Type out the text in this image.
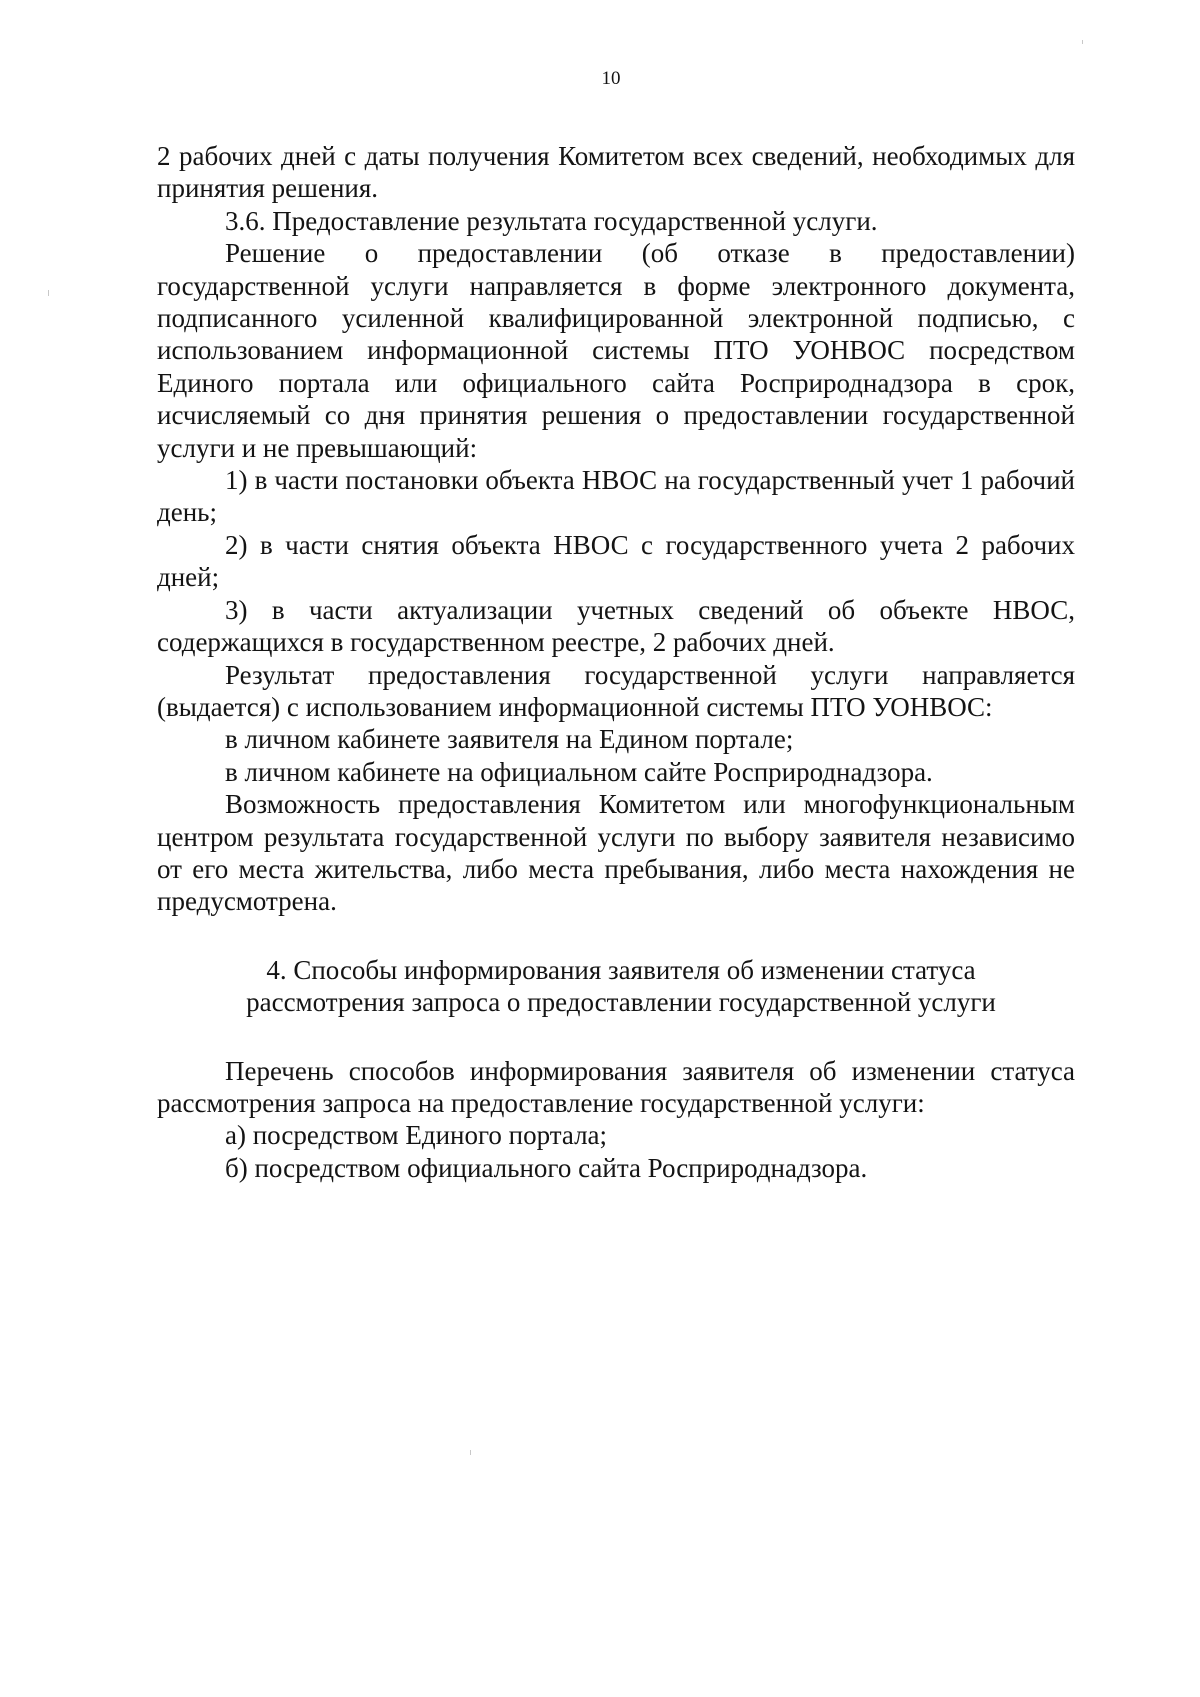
10

2 рабочих дней с даты получения Комитетом всех сведений, необходимых для принятия решения.

3.6. Предоставление результата государственной услуги.

Решение о предоставлении (об отказе в предоставлении) государственной услуги направляется в форме электронного документа, подписанного усиленной квалифицированной электронной подписью, с использованием информационной системы ПТО УОНВОС посредством Единого портала или официального сайта Росприроднадзора в срок, исчисляемый со дня принятия решения о предоставлении государственной услуги и не превышающий:

1) в части постановки объекта НВОС на государственный учет 1 рабочий день;

2) в части снятия объекта НВОС с государственного учета 2 рабочих дней;

3) в части актуализации учетных сведений об объекте НВОС, содержащихся в государственном реестре, 2 рабочих дней.

Результат предоставления государственной услуги направляется (выдается) с использованием информационной системы ПТО УОНВОС:

в личном кабинете заявителя на Едином портале;

в личном кабинете на официальном сайте Росприроднадзора.

Возможность предоставления Комитетом или многофункциональным центром результата государственной услуги по выбору заявителя независимо от его места жительства, либо места пребывания, либо места нахождения не предусмотрена.

4. Способы информирования заявителя об изменении статуса
рассмотрения запроса о предоставлении государственной услуги

Перечень способов информирования заявителя об изменении статуса рассмотрения запроса на предоставление государственной услуги:

а) посредством Единого портала;

б) посредством официального сайта Росприроднадзора.
